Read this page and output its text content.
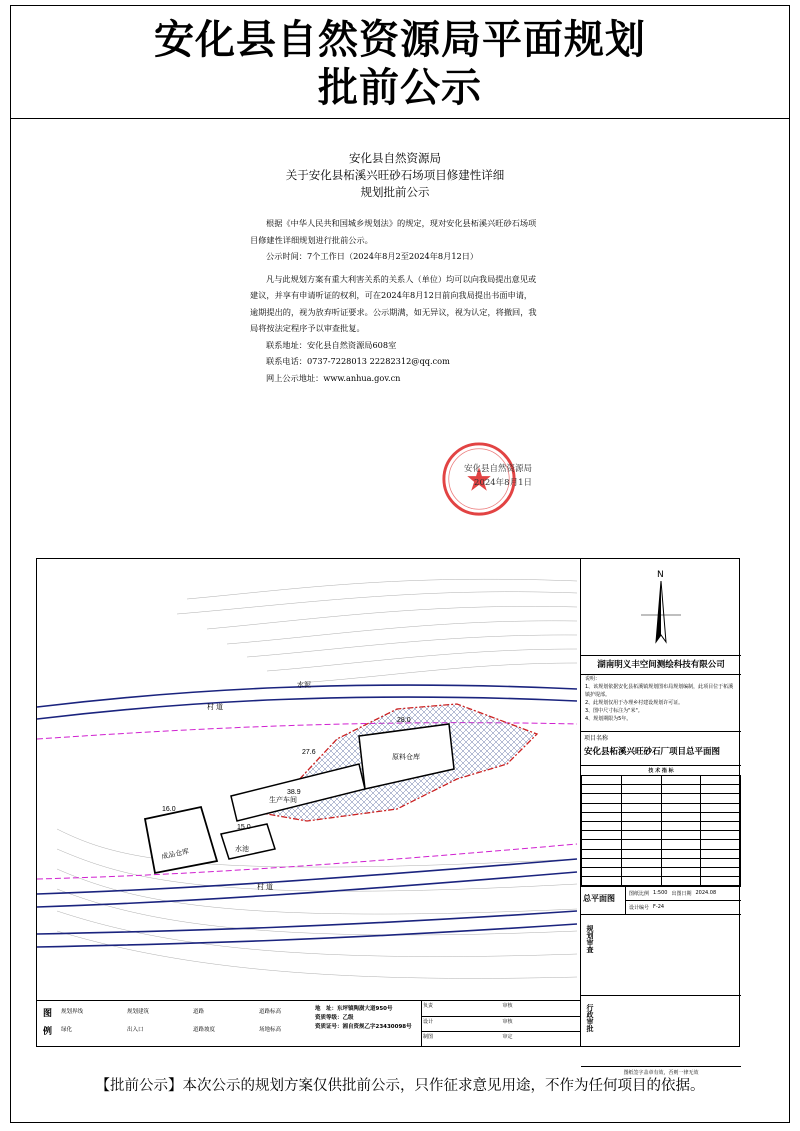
安化县自然资源局平面规划
批前公示
安化县自然资源局
关于安化县柘溪兴旺砂石场项目修建性详细
规划批前公示

根据《中华人民共和国城乡规划法》的规定，现对安化县柘溪兴旺砂石场项目修建性详细规划进行批前公示。

公示时间：7个工作日（2024年8月2至2024年8月12日）

凡与此规划方案有重大利害关系的关系人（单位）均可以向我局提出意见或建议，并享有申请听证的权利，可在2024年8月12日前向我局提出书面申请，逾期提出的，视为放弃听证要求。公示期满，如无异议，视为认定，将撤回，我局将按法定程序予以审查批复。

联系地址：安化县自然资源局608室

联系电话：0737-7228013 22282312@qq.com

网上公示地址：www.anhua.gov.cn

安化县自然资源局
2024年8月1日
原料仓库
生产车间
成品仓库	水池
28.0
27.6
38.9
16.0
15.0
村 道
村 道
水泥
图例
规划界线	规划建筑	道路	道路标高
绿化	出入口	道路坡度	场地标高
地　址：东坪镇陶澍大道950号
资质等级：乙级
资质证号：湘自资规乙字23430098号
负责	审核
设计	审核
制图	审定
N
湖南明义丰空间测绘科技有限公司
说明：
1、该规划依据安化县柘溪镇规划图布局规划编制，此项目位于柘溪镇护堤部。
2、此规划仅用于办理乡村建设规划许可证。
3、图中尺寸标注为"米"。
4、规划期限为5年。
项目名称
安化县柘溪兴旺砂石厂项目总平面图
技 术 指 标

总平面图	图纸比例 1:500 出图日期 2024.08
设计编号 F-24
规划审查
行政审批
图纸签字盖章有效，否则一律无效
【批前公示】本次公示的规划方案仅供批前公示，只作征求意见用途，不作为任何项目的依据。
